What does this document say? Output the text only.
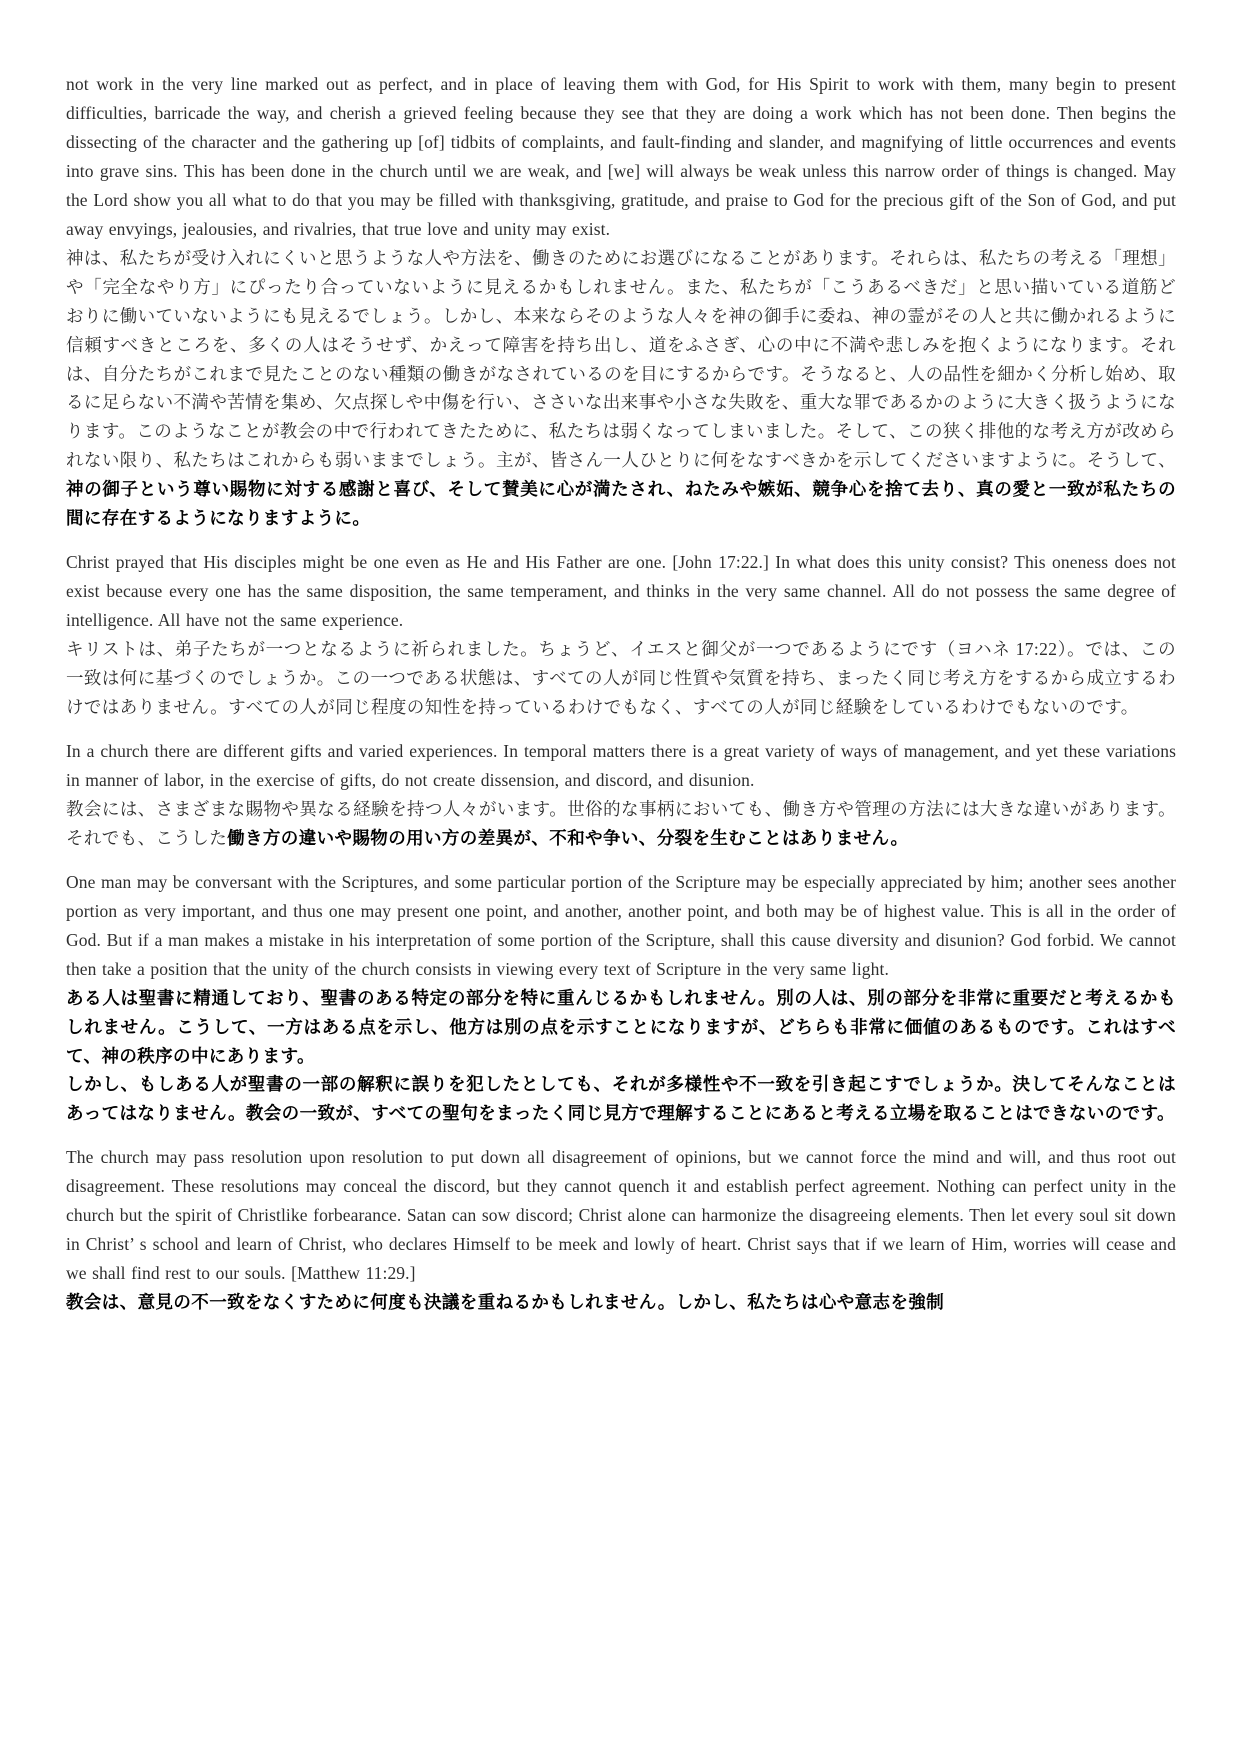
not work in the very line marked out as perfect, and in place of leaving them with God, for His Spirit to work with them, many begin to present difficulties, barricade the way, and cherish a grieved feeling because they see that they are doing a work which has not been done. Then begins the dissecting of the character and the gathering up [of] tidbits of complaints, and fault-finding and slander, and magnifying of little occurrences and events into grave sins. This has been done in the church until we are weak, and [we] will always be weak unless this narrow order of things is changed. May the Lord show you all what to do that you may be filled with thanksgiving, gratitude, and praise to God for the precious gift of the Son of God, and put away envyings, jealousies, and rivalries, that true love and unity may exist.

神は、私たちが受け入れにくいと思うような人や方法を、働きのためにお選びになることがあります。それらは、私たちの考える「理想」や「完全なやり方」にぴったり合っていないように見えるかもしれません。また、私たちが「こうあるべきだ」と思い描いている道筋どおりに働いていないようにも見えるでしょう。しかし、本来ならそのような人々を神の御手に委ね、神の霊がその人と共に働かれるように信頼すべきところを、多くの人はそうせず、かえって障害を持ち出し、道をふさぎ、心の中に不満や悲しみを抱くようになります。それは、自分たちがこれまで見たことのない種類の働きがなされているのを目にするからです。そうなると、人の品性を細かく分析し始め、取るに足らない不満や苦情を集め、欠点探しや中傷を行い、ささいな出来事や小さな失敗を、重大な罪であるかのように大きく扱うようになります。このようなことが教会の中で行われてきたために、私たちは弱くなってしまいました。そして、この狭く排他的な考え方が改められない限り、私たちはこれからも弱いままでしょう。主が、皆さん一人ひとりに何をなすべきかを示してくださいますように。そうして、神の御子という尊い賜物に対する感謝と喜び、そして賛美に心が満たされ、ねたみや嫉妬、競争心を捨て去り、真の愛と一致が私たちの間に存在するようになりますように。

Christ prayed that His disciples might be one even as He and His Father are one. [John 17:22.] In what does this unity consist? This oneness does not exist because every one has the same disposition, the same temperament, and thinks in the very same channel. All do not possess the same degree of intelligence. All have not the same experience.

キリストは、弟子たちが一つとなるように祈られました。ちょうど、イエスと御父が一つであるようにです（ヨハネ 17:22）。では、この一致は何に基づくのでしょうか。この一つである状態は、すべての人が同じ性質や気質を持ち、まったく同じ考え方をするから成立するわけではありません。すべての人が同じ程度の知性を持っているわけでもなく、すべての人が同じ経験をしているわけでもないのです。

In a church there are different gifts and varied experiences. In temporal matters there is a great variety of ways of management, and yet these variations in manner of labor, in the exercise of gifts, do not create dissension, and discord, and disunion.

教会には、さまざまな賜物や異なる経験を持つ人々がいます。世俗的な事柄においても、働き方や管理の方法には大きな違いがあります。それでも、こうした働き方の違いや賜物の用い方の差異が、不和や争い、分裂を生むことはありません。

One man may be conversant with the Scriptures, and some particular portion of the Scripture may be especially appreciated by him; another sees another portion as very important, and thus one may present one point, and another, another point, and both may be of highest value. This is all in the order of God. But if a man makes a mistake in his interpretation of some portion of the Scripture, shall this cause diversity and disunion? God forbid. We cannot then take a position that the unity of the church consists in viewing every text of Scripture in the very same light.

ある人は聖書に精通しており、聖書のある特定の部分を特に重んじるかもしれません。別の人は、別の部分を非常に重要だと考えるかもしれません。こうして、一方はある点を示し、他方は別の点を示すことになりますが、どちらも非常に価値のあるものです。これはすべて、神の秩序の中にあります。

しかし、もしある人が聖書の一部の解釈に誤りを犯したとしても、それが多様性や不一致を引き起こすでしょうか。決してそんなことはあってはなりません。教会の一致が、すべての聖句をまったく同じ見方で理解することにあると考える立場を取ることはできないのです。

The church may pass resolution upon resolution to put down all disagreement of opinions, but we cannot force the mind and will, and thus root out disagreement. These resolutions may conceal the discord, but they cannot quench it and establish perfect agreement. Nothing can perfect unity in the church but the spirit of Christlike forbearance. Satan can sow discord; Christ alone can harmonize the disagreeing elements. Then let every soul sit down in Christ’ s school and learn of Christ, who declares Himself to be meek and lowly of heart. Christ says that if we learn of Him, worries will cease and we shall find rest to our souls. [Matthew 11:29.]

教会は、意見の不一致をなくすために何度も決議を重ねるかもしれません。しかし、私たちは心や意志を強制
